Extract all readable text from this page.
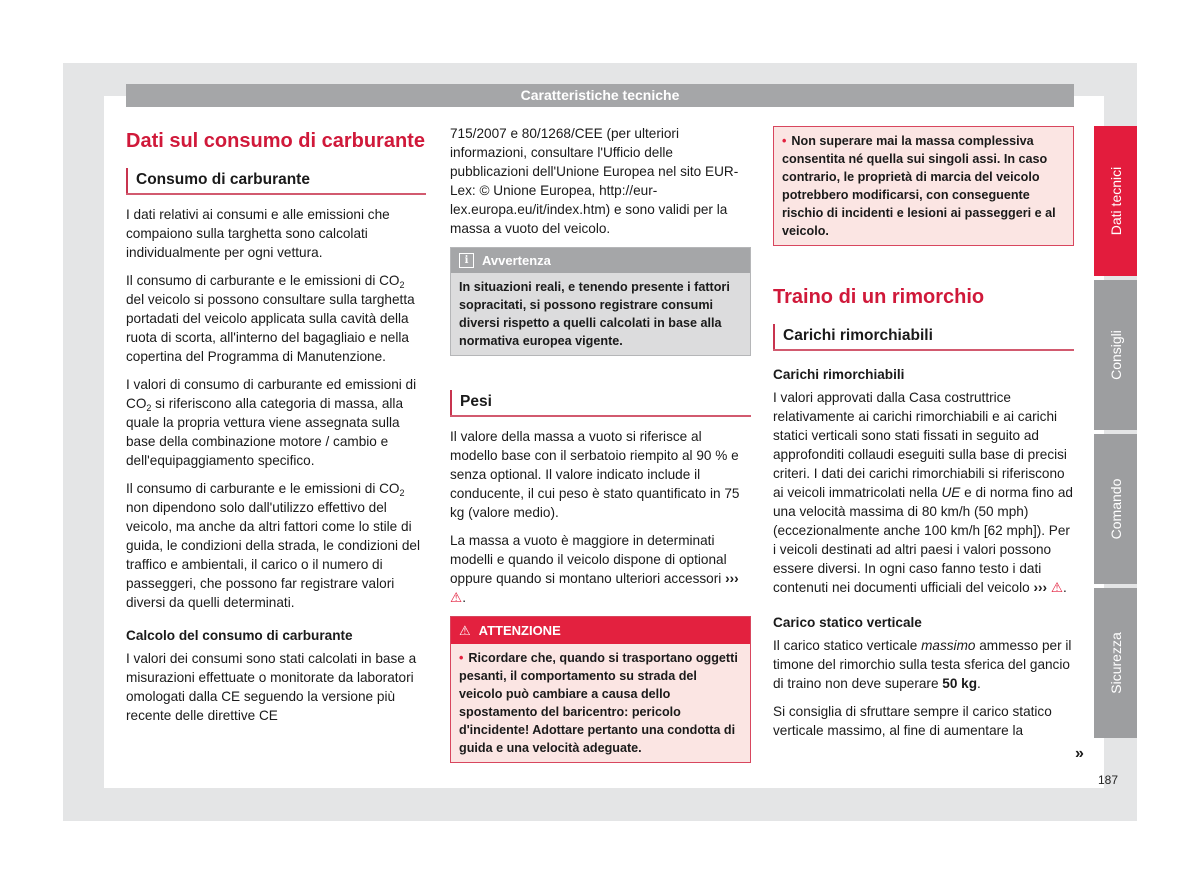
Caratteristiche tecniche
Dati sul consumo di carburante
Consumo di carburante

I dati relativi ai consumi e alle emissioni che compaiono sulla targhetta sono calcolati individualmente per ogni vettura.

Il consumo di carburante e le emissioni di $CO_2$ del veicolo si possono consultare sulla targhetta portadati del veicolo applicata sulla cavità della ruota di scorta, all'interno del bagagliaio e nella copertina del Programma di Manutenzione.

I valori di consumo di carburante ed emissioni di $CO_2$ si riferiscono alla categoria di massa, alla quale la propria vettura viene assegnata sulla base della combinazione motore / cambio e dell'equipaggiamento specifico.

Il consumo di carburante e le emissioni di $CO_2$ non dipendono solo dall'utilizzo effettivo del veicolo, ma anche da altri fattori come lo stile di guida, le condizioni della strada, le condizioni del traffico e ambientali, il carico o il numero di passeggeri, che possono far registrare valori diversi da quelli determinati.

Calcolo del consumo di carburante

I valori dei consumi sono stati calcolati in base a misurazioni effettuate o monitorate da laboratori omologati dalla CE seguendo la versione più recente delle direttive CE

715/2007 e 80/1268/CEE (per ulteriori informazioni, consultare l'Ufficio delle pubblicazioni dell'Unione Europea nel sito EUR-Lex: © Unione Europea, http://eur-lex.europa.eu/it/index.htm) e sono validi per la massa a vuoto del veicolo.

i	Avvertenza
In situazioni reali, e tenendo presente i fattori sopracitati, si possono registrare consumi diversi rispetto a quelli calcolati in base alla normativa europea vigente.
Pesi

Il valore della massa a vuoto si riferisce al modello base con il serbatoio riempito al 90 % e senza optional. Il valore indicato include il conducente, il cui peso è stato quantificato in 75 kg (valore medio).

La massa a vuoto è maggiore in determinati modelli e quando il veicolo dispone di optional oppure quando si montano ulteriori accessori ››› ⚠.

⚠ ATTENZIONE
• Ricordare che, quando si trasportano oggetti pesanti, il comportamento su strada del veicolo può cambiare a causa dello spostamento del baricentro: pericolo d'incidente! Adottare pertanto una condotta di guida e una velocità adeguate.
• Non superare mai la massa complessiva consentita né quella sui singoli assi. In caso contrario, le proprietà di marcia del veicolo potrebbero modificarsi, con conseguente rischio di incidenti e lesioni ai passeggeri e al veicolo.
Traino di un rimorchio
Carichi rimorchiabili
Carichi rimorchiabili

I valori approvati dalla Casa costruttrice relativamente ai carichi rimorchiabili e ai carichi statici verticali sono stati fissati in seguito ad approfonditi collaudi eseguiti sulla base di precisi criteri. I dati dei carichi rimorchiabili si riferiscono ai veicoli immatricolati nella UE e di norma fino ad una velocità massima di 80 km/h (50 mph) (eccezionalmente anche 100 km/h [62 mph]). Per i veicoli destinati ad altri paesi i valori possono essere diversi. In ogni caso fanno testo i dati contenuti nei documenti ufficiali del veicolo ››› ⚠.

Carico statico verticale

Il carico statico verticale massimo ammesso per il timone del rimorchio sulla testa sferica del gancio di traino non deve superare 50 kg.

Si consiglia di sfruttare sempre il carico statico verticale massimo, al fine di aumentare la

»
Dati tecnici
Consigli
Comando
Sicurezza
187
